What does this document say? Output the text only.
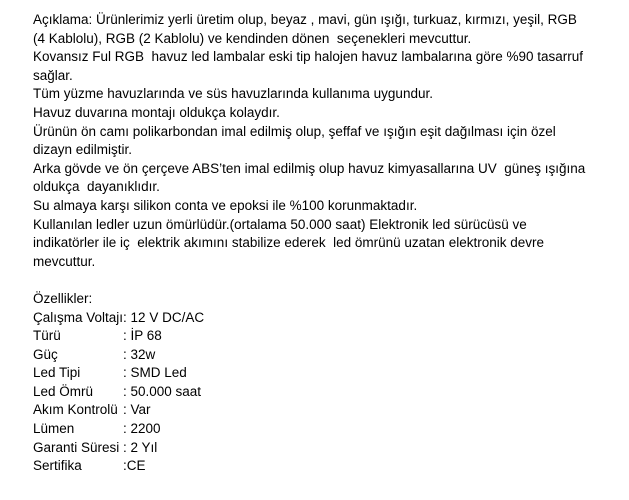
Açıklama: Ürünlerimiz yerli üretim olup, beyaz , mavi, gün ışığı, turkuaz, kırmızı, yeşil, RGB
(4 Kablolu), RGB (2 Kablolu) ve kendinden dönen  seçenekleri mevcuttur.
Kovansız Ful RGB  havuz led lambalar eski tip halojen havuz lambalarına göre %90 tasarruf
sağlar.
Tüm yüzme havuzlarında ve süs havuzlarında kullanıma uygundur.
Havuz duvarına montajı oldukça kolaydır.
Ürünün ön camı polikarbondan imal edilmiş olup, şeffaf ve ışığın eşit dağılması için özel
dizayn edilmiştir.
Arka gövde ve ön çerçeve ABS’ten imal edilmiş olup havuz kimyasallarına UV  güneş ışığına
oldukça  dayanıklıdır.
Su almaya karşı silikon conta ve epoksi ile %100 korunmaktadır.
Kullanılan ledler uzun ömürlüdür.(ortalama 50.000 saat) Elektronik led sürücüsü ve
indikatörler ile iç  elektrik akımını stabilize ederek  led ömrünü uzatan elektronik devre
mevcuttur.
Özellikler:
Çalışma Voltajı: 12 V DC/AC
Türü	: İP 68
Güç	: 32w
Led Tipi	: SMD Led
Led Ömrü : 50.000 saat
Akım Kontrolü : Var
Lümen	: 2200
Garanti Süresi : 2 Yıl
Sertifika	:CE
